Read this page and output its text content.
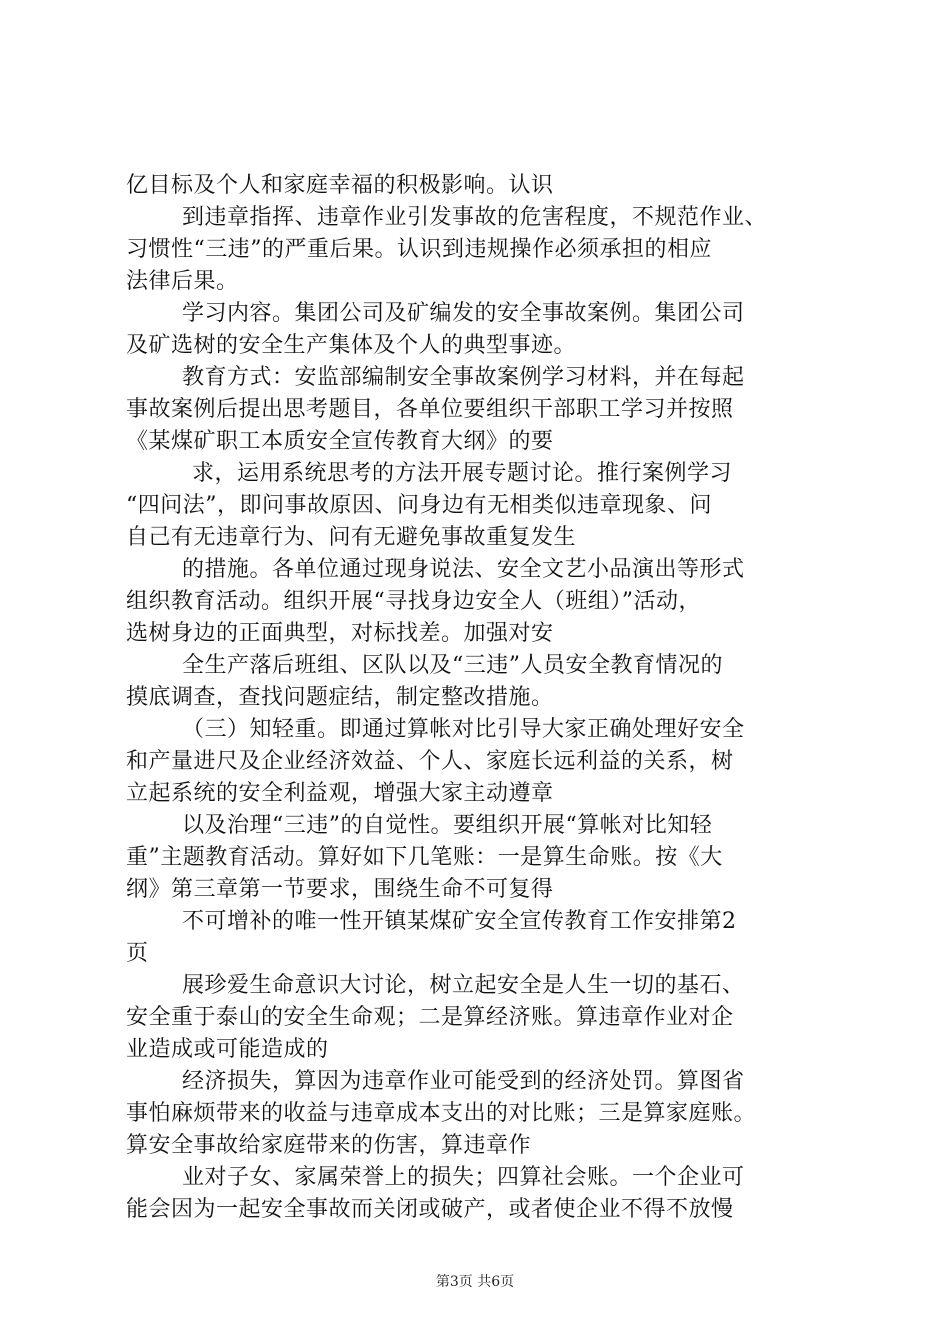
亿目标及个人和家庭幸福的积极影响。认识
到违章指挥、违章作业引发事故的危害程度，不规范作业、
习惯性“三违”的严重后果。认识到违规操作必须承担的相应
法律后果。
学习内容。集团公司及矿编发的安全事故案例。集团公司
及矿选树的安全生产集体及个人的典型事迹。
教育方式：安监部编制安全事故案例学习材料，并在每起
事故案例后提出思考题目，各单位要组织干部职工学习并按照
《某煤矿职工本质安全宣传教育大纲》的要
求，运用系统思考的方法开展专题讨论。推行案例学习
“四问法”，即问事故原因、问身边有无相类似违章现象、问
自己有无违章行为、问有无避免事故重复发生
的措施。各单位通过现身说法、安全文艺小品演出等形式
组织教育活动。组织开展“寻找身边安全人（班组）”活动，
选树身边的正面典型，对标找差。加强对安
全生产落后班组、区队以及“三违”人员安全教育情况的
摸底调查，查找问题症结，制定整改措施。
（三）知轻重。即通过算帐对比引导大家正确处理好安全
和产量进尺及企业经济效益、个人、家庭长远利益的关系，树
立起系统的安全利益观，增强大家主动遵章
以及治理“三违”的自觉性。要组织开展“算帐对比知轻
重”主题教育活动。算好如下几笔账：一是算生命账。按《大
纲》第三章第一节要求，围绕生命不可复得
不可增补的唯一性开镇某煤矿安全宣传教育工作安排第2
页
展珍爱生命意识大讨论，树立起安全是人生一切的基石、
安全重于泰山的安全生命观；二是算经济账。算违章作业对企
业造成或可能造成的
经济损失，算因为违章作业可能受到的经济处罚。算图省
事怕麻烦带来的收益与违章成本支出的对比账；三是算家庭账。
算安全事故给家庭带来的伤害，算违章作
业对子女、家属荣誉上的损失；四算社会账。一个企业可
能会因为一起安全事故而关闭或破产，或者使企业不得不放慢
第3页 共6页
